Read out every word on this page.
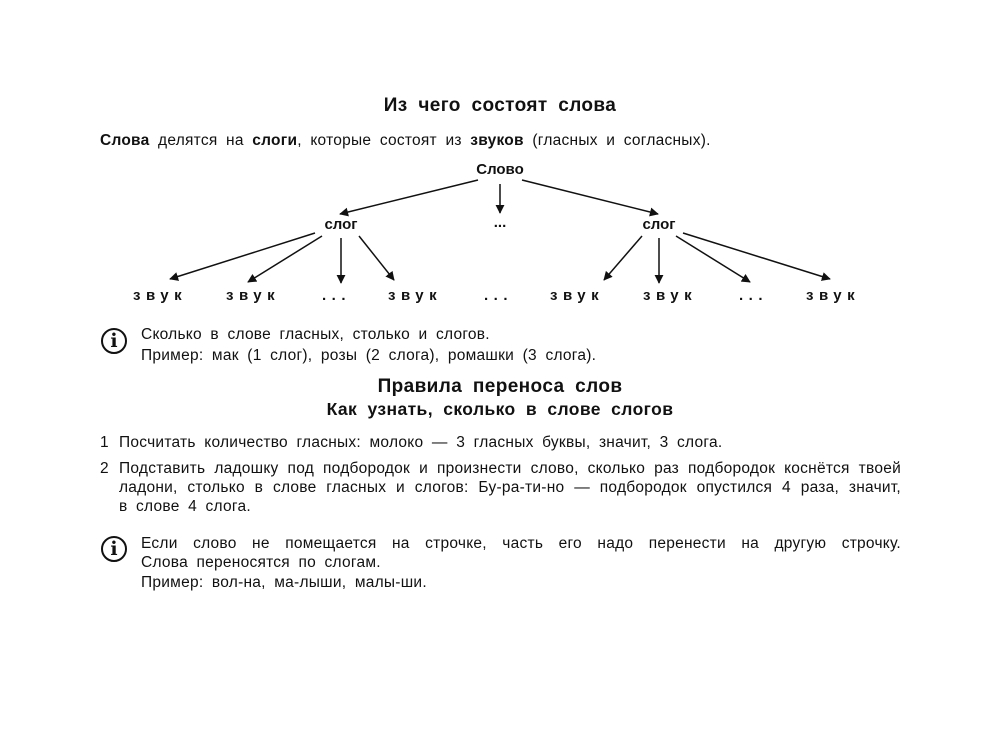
Из чего состоят слова
Слова делятся на слоги, которые состоят из звуков (гласных и согласных).
Слово
слог	...	слог
звук	звук	... звук	... звук	звук	...	звук
i	Сколько в слове гласных, столько и слогов.
Пример: мак (1 слог), розы (2 слога), ромашки (3 слога).
Правила переноса слов
Как узнать, сколько в слове слогов
1 Посчитать количество гласных: молоко — 3 гласных буквы, значит, 3 слога.
2 Подставить ладошку под подбородок и произнести слово, сколько раз подбородок коснётся твоей ладони, столько в слове гласных и слогов: Бу-ра-ти-но — подбородок опустился 4 раза, значит, в слове 4 слога.
i	Если слово не помещается на строчке, часть его надо перенести на другую строчку.
Слова переносятся по слогам.
Пример: вол-на, ма-лыши, малы-ши.
